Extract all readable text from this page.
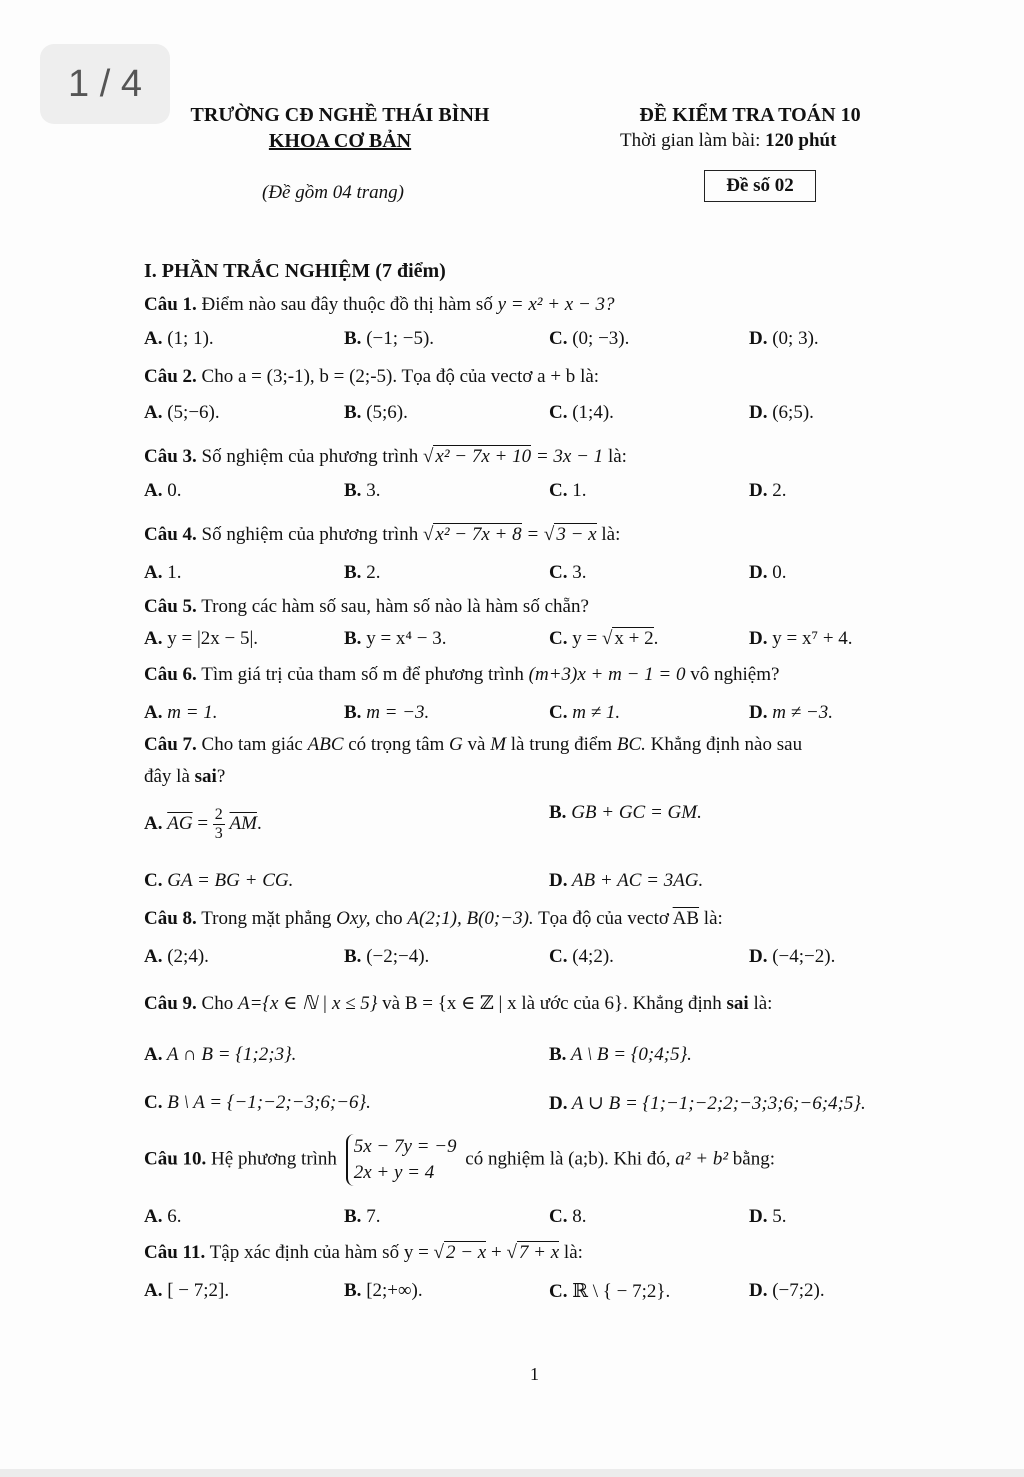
1 / 4
TRƯỜNG CĐ NGHỀ THÁI BÌNH
KHOA CƠ BẢN
(Đề gồm 04 trang)
ĐỀ KIỂM TRA TOÁN 10
Thời gian làm bài: 120 phút
Đề số 02
I. PHẦN TRẮC NGHIỆM (7 điểm)
Câu 1. Điểm nào sau đây thuộc đồ thị hàm số y = x² + x − 3?
A. (1; 1).	B. (−1; −5).	C. (0; −3).	D. (0; 3).
Câu 2. Cho a = (3;-1), b = (2;-5). Tọa độ của vectơ a + b là:
A. (5;−6).	B. (5;6).	C. (1;4).	D. (6;5).
Câu 3. Số nghiệm của phương trình √ x² − 7x + 10 = 3x − 1 là:
A. 0.	B. 3.	C. 1.	D. 2.
Câu 4. Số nghiệm của phương trình √ x² − 7x + 8 = √ 3 − x là:
A. 1.	B. 2.	C. 3.	D. 0.
Câu 5. Trong các hàm số sau, hàm số nào là hàm số chẵn?
A. y = |2x − 5|.	B. y = x⁴ − 3.	C. y = √ x + 2.	D. y = x⁷ + 4.
Câu 6. Tìm giá trị của tham số m để phương trình (m+3)x + m − 1 = 0 vô nghiệm?
A. m = 1.	B. m = −3.	C. m ≠ 1.	D. m ≠ −3.
Câu 7. Cho tam giác ABC có trọng tâm G và M là trung điểm BC. Khẳng định nào sau
đây là sai?
A. $\overline{AG} = \frac{2}{3} \overline{AM}$.
B. GB + GC = GM.
C. GA = BG + CG.	D. AB + AC = 3AG.
Câu 8. Trong mặt phẳng Oxy, cho A(2;1), B(0;−3). Tọa độ của vectơ $\overline{AB}$ là:
A. (2;4).	B. (−2;−4).	C. (4;2).	D. (−4;−2).
Câu 9. Cho A={x ∈ ℕ | x ≤ 5} và B = {x ∈ ℤ | x là ước của 6}. Khẳng định sai là:
A. A ∩ B = {1;2;3}.	B. A \ B = {0;4;5}.
C. B \ A = {−1;−2;−3;6;−6}.	D. A ∪ B = {1;−1;−2;2;−3;3;6;−6;4;5}.
Câu 10. Hệ phương trình
5x − 7y = −9
2x + y = 4
có nghiệm là (a;b). Khi đó, a² + b² bằng:
A. 6.	B. 7.	C. 8.	D. 5.
Câu 11. Tập xác định của hàm số y = √ 2 − x + √ 7 + x là:
A. [ − 7;2].	B. [2;+∞).	C. ℝ \ { − 7;2}.	D. (−7;2).
1
